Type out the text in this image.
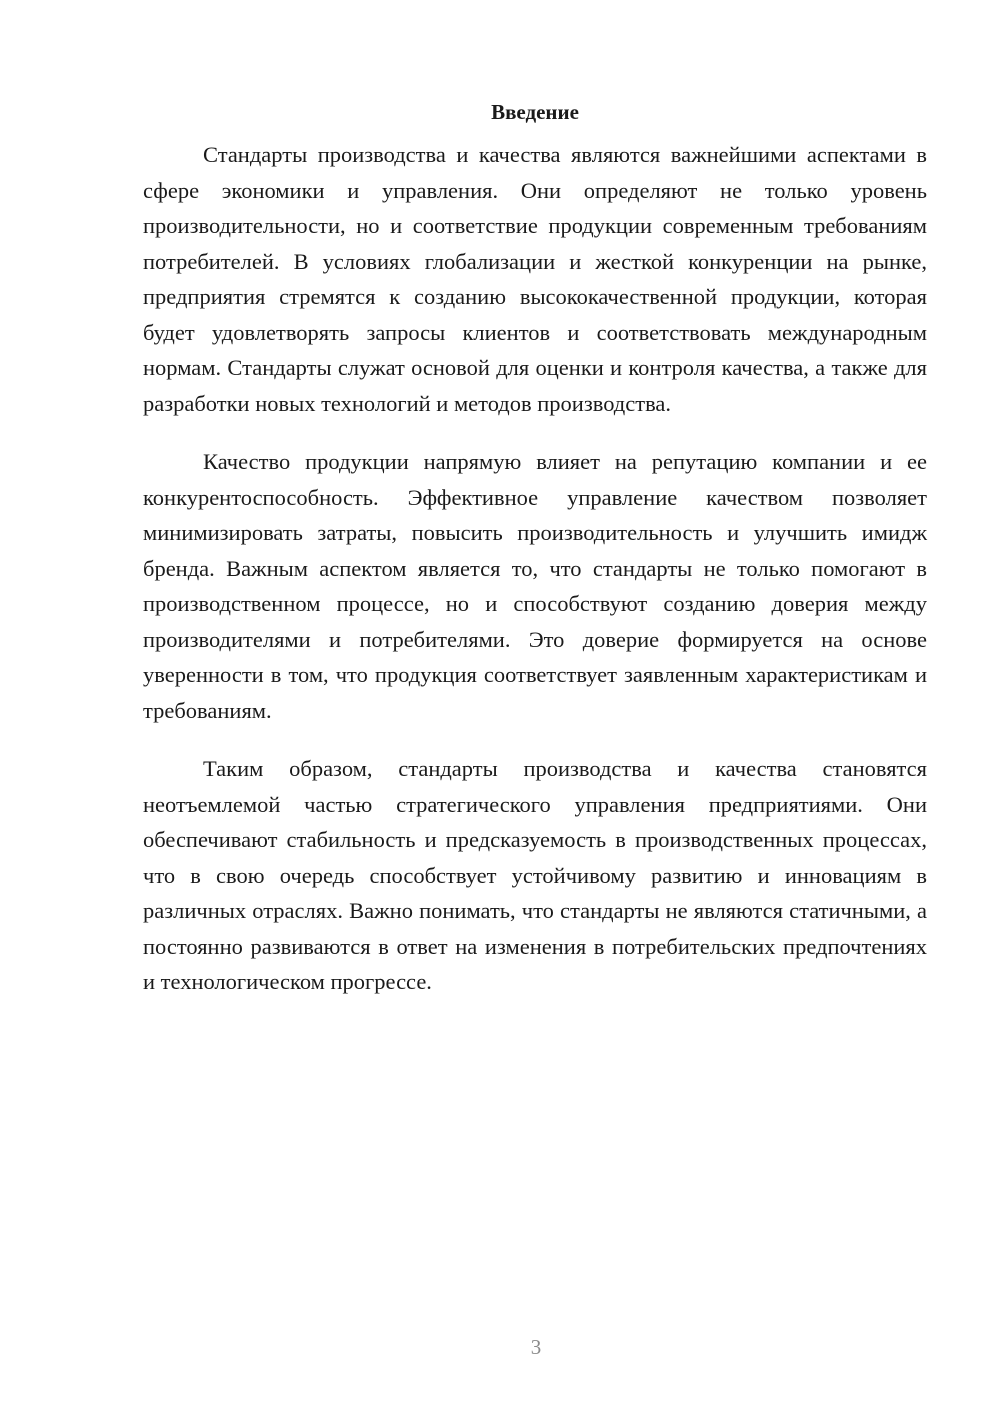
Введение

Стандарты производства и качества являются важнейшими аспектами в сфере экономики и управления. Они определяют не только уровень производительности, но и соответствие продукции современным требованиям потребителей. В условиях глобализации и жесткой конкуренции на рынке, предприятия стремятся к созданию высококачественной продукции, которая будет удовлетворять запросы клиентов и соответствовать международным нормам. Стандарты служат основой для оценки и контроля качества, а также для разработки новых технологий и методов производства.

Качество продукции напрямую влияет на репутацию компании и ее конкурентоспособность. Эффективное управление качеством позволяет минимизировать затраты, повысить производительность и улучшить имидж бренда. Важным аспектом является то, что стандарты не только помогают в производственном процессе, но и способствуют созданию доверия между производителями и потребителями. Это доверие формируется на основе уверенности в том, что продукция соответствует заявленным характеристикам и требованиям.

Таким образом, стандарты производства и качества становятся неотъемлемой частью стратегического управления предприятиями. Они обеспечивают стабильность и предсказуемость в производственных процессах, что в свою очередь способствует устойчивому развитию и инновациям в различных отраслях. Важно понимать, что стандарты не являются статичными, а постоянно развиваются в ответ на изменения в потребительских предпочтениях и технологическом прогрессе.

3
